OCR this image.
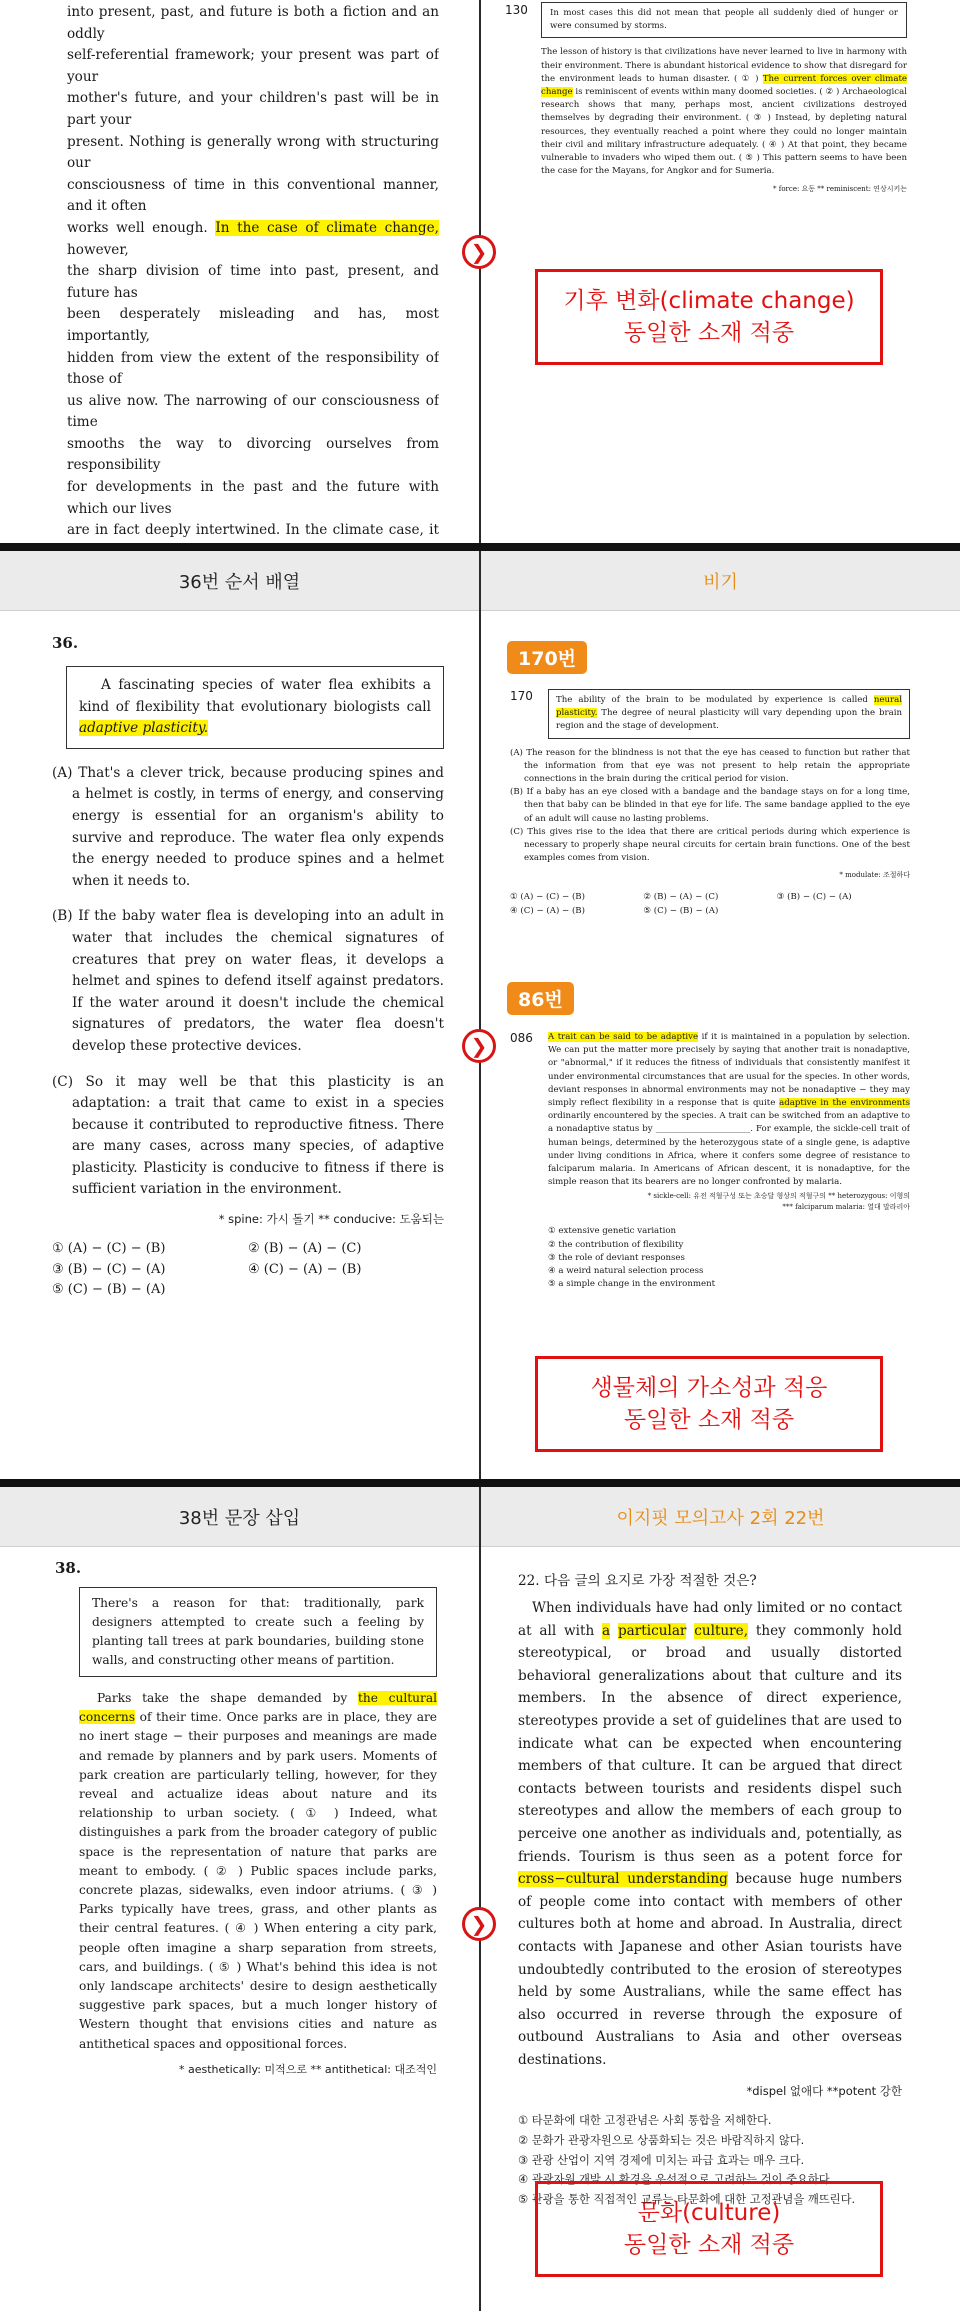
into present, past, and future is both a fiction and an oddly
self-referential framework; your present was part of your
mother's future, and your children's past will be in part your
present. Nothing is generally wrong with structuring our
consciousness of time in this conventional manner, and it often
works well enough. In the case of climate change, however,
the sharp division of time into past, present, and future has
been desperately misleading and has, most importantly,
hidden from view the extent of the responsibility of those of
us alive now. The narrowing of our consciousness of time
smooths the way to divorcing ourselves from responsibility
for developments in the past and the future with which our lives
are in fact deeply intertwined. In the climate case, it
❯
130	In most cases this did not mean that people all suddenly died of hunger or were consumed by storms.
The lesson of history is that civilizations have never learned to live in harmony with their environment. There is abundant historical evidence to show that disregard for the environment leads to human disaster. ( ① ) The current forces over climate change is reminiscent of events within many doomed societies. ( ② ) Archaeological research shows that many, perhaps most, ancient civilizations destroyed themselves by degrading their environment. ( ③ ) Instead, by depleting natural resources, they eventually reached a point where they could no longer maintain their civil and military infrastructure adequately. ( ④ ) At that point, they became vulnerable to invaders who wiped them out. ( ⑤ ) This pattern seems to have been the case for the Mayans, for Angkor and for Sumeria.
* force: 요동 ** reminiscent: 연상시키는
기후 변화(climate change)
동일한 소재 적중
36번 순서 배열	비기
36.
A fascinating species of water flea exhibits a kind of flexibility that evolutionary biologists call adaptive plasticity.
(A) That's a clever trick, because producing spines and a helmet is costly, in terms of energy, and conserving energy is essential for an organism's ability to survive and reproduce. The water flea only expends the energy needed to produce spines and a helmet when it needs to.
(B) If the baby water flea is developing into an adult in water that includes the chemical signatures of creatures that prey on water fleas, it develops a helmet and spines to defend itself against predators. If the water around it doesn't include the chemical signatures of predators, the water flea doesn't develop these protective devices.
(C) So it may well be that this plasticity is an adaptation: a trait that came to exist in a species because it contributed to reproductive fitness. There are many cases, across many species, of adaptive plasticity. Plasticity is conducive to fitness if there is sufficient variation in the environment.
* spine: 가시 돌기 ** conducive: 도움되는
① (A) − (C) − (B)	② (B) − (A) − (C)
③ (B) − (C) − (A)	④ (C) − (A) − (B)
⑤ (C) − (B) − (A)
❯
170번
170	The ability of the brain to be modulated by experience is called neural plasticity. The degree of neural plasticity will vary depending upon the brain region and the stage of development.
(A) The reason for the blindness is not that the eye has ceased to function but rather that the information from that eye was not present to help retain the appropriate connections in the brain during the critical period for vision.
(B) If a baby has an eye closed with a bandage and the bandage stays on for a long time, then that baby can be blinded in that eye for life. The same bandage applied to the eye of an adult will cause no lasting problems.
(C) This gives rise to the idea that there are critical periods during which experience is necessary to properly shape neural circuits for certain brain functions. One of the best examples comes from vision.
* modulate: 조절하다
① (A) − (C) − (B)	② (B) − (A) − (C)	③ (B) − (C) − (A)
④ (C) − (A) − (B)	⑤ (C) − (B) − (A)
86번
086	A trait can be said to be adaptive if it is maintained in a population by selection. We can put the matter more precisely by saying that another trait is nonadaptive, or "abnormal," if it reduces the fitness of individuals that consistently manifest it under environmental circumstances that are usual for the species. In other words, deviant responses in abnormal environments may not be nonadaptive − they may simply reflect flexibility in a response that is quite adaptive in the environments ordinarily encountered by the species. A trait can be switched from an adaptive to a nonadaptive status by ______________________. For example, the sickle-cell trait of human beings, determined by the heterozygous state of a single gene, is adaptive under living conditions in Africa, where it confers some degree of resistance to falciparum malaria. In Americans of African descent, it is nonadaptive, for the simple reason that its bearers are no longer confronted by malaria.
* sickle-cell: 유전 적혈구성 또는 초승달 형상의 적혈구의 ** heterozygous: 이형의
*** falciparum malaria: 열대 말라리아
① extensive genetic variation
② the contribution of flexibility
③ the role of deviant responses
④ a weird natural selection process
⑤ a simple change in the environment
생물체의 가소성과 적응
동일한 소재 적중
38번 문장 삽입	이지핏 모의고사 2회 22번
38.
There's a reason for that: traditionally, park designers attempted to create such a feeling by planting tall trees at park boundaries, building stone walls, and constructing other means of partition.
Parks take the shape demanded by the cultural concerns of their time. Once parks are in place, they are no inert stage − their purposes and meanings are made and remade by planners and by park users. Moments of park creation are particularly telling, however, for they reveal and actualize ideas about nature and its relationship to urban society. ( ① ) Indeed, what distinguishes a park from the broader category of public space is the representation of nature that parks are meant to embody. ( ② ) Public spaces include parks, concrete plazas, sidewalks, even indoor atriums. ( ③ ) Parks typically have trees, grass, and other plants as their central features. ( ④ ) When entering a city park, people often imagine a sharp separation from streets, cars, and buildings. ( ⑤ ) What's behind this idea is not only landscape architects' desire to design aesthetically suggestive park spaces, but a much longer history of Western thought that envisions cities and nature as antithetical spaces and oppositional forces.
* aesthetically: 미적으로 ** antithetical: 대조적인
❯
22. 다음 글의 요지로 가장 적절한 것은?
When individuals have had only limited or no contact at all with a particular culture, they commonly hold stereotypical, or broad and usually distorted behavioral generalizations about that culture and its members. In the absence of direct experience, stereotypes provide a set of guidelines that are used to indicate what can be expected when encountering members of that culture. It can be argued that direct contacts between tourists and residents dispel such stereotypes and allow the members of each group to perceive one another as individuals and, potentially, as friends. Tourism is thus seen as a potent force for cross−cultural understanding because huge numbers of people come into contact with members of other cultures both at home and abroad. In Australia, direct contacts with Japanese and other Asian tourists have undoubtedly contributed to the erosion of stereotypes held by some Australians, while the same effect has also occurred in reverse through the exposure of outbound Australians to Asia and other overseas destinations.
*dispel 없애다 **potent 강한
① 타문화에 대한 고정관념은 사회 통합을 저해한다.
② 문화가 관광자원으로 상품화되는 것은 바람직하지 않다.
③ 관광 산업이 지역 경제에 미치는 파급 효과는 매우 크다.
④ 관광자원 개발 시 환경을 우선적으로 고려하는 것이 중요하다.
⑤ 관광을 통한 직접적인 교류는 타문화에 대한 고정관념을 깨뜨린다.
문화(culture)
동일한 소재 적중
